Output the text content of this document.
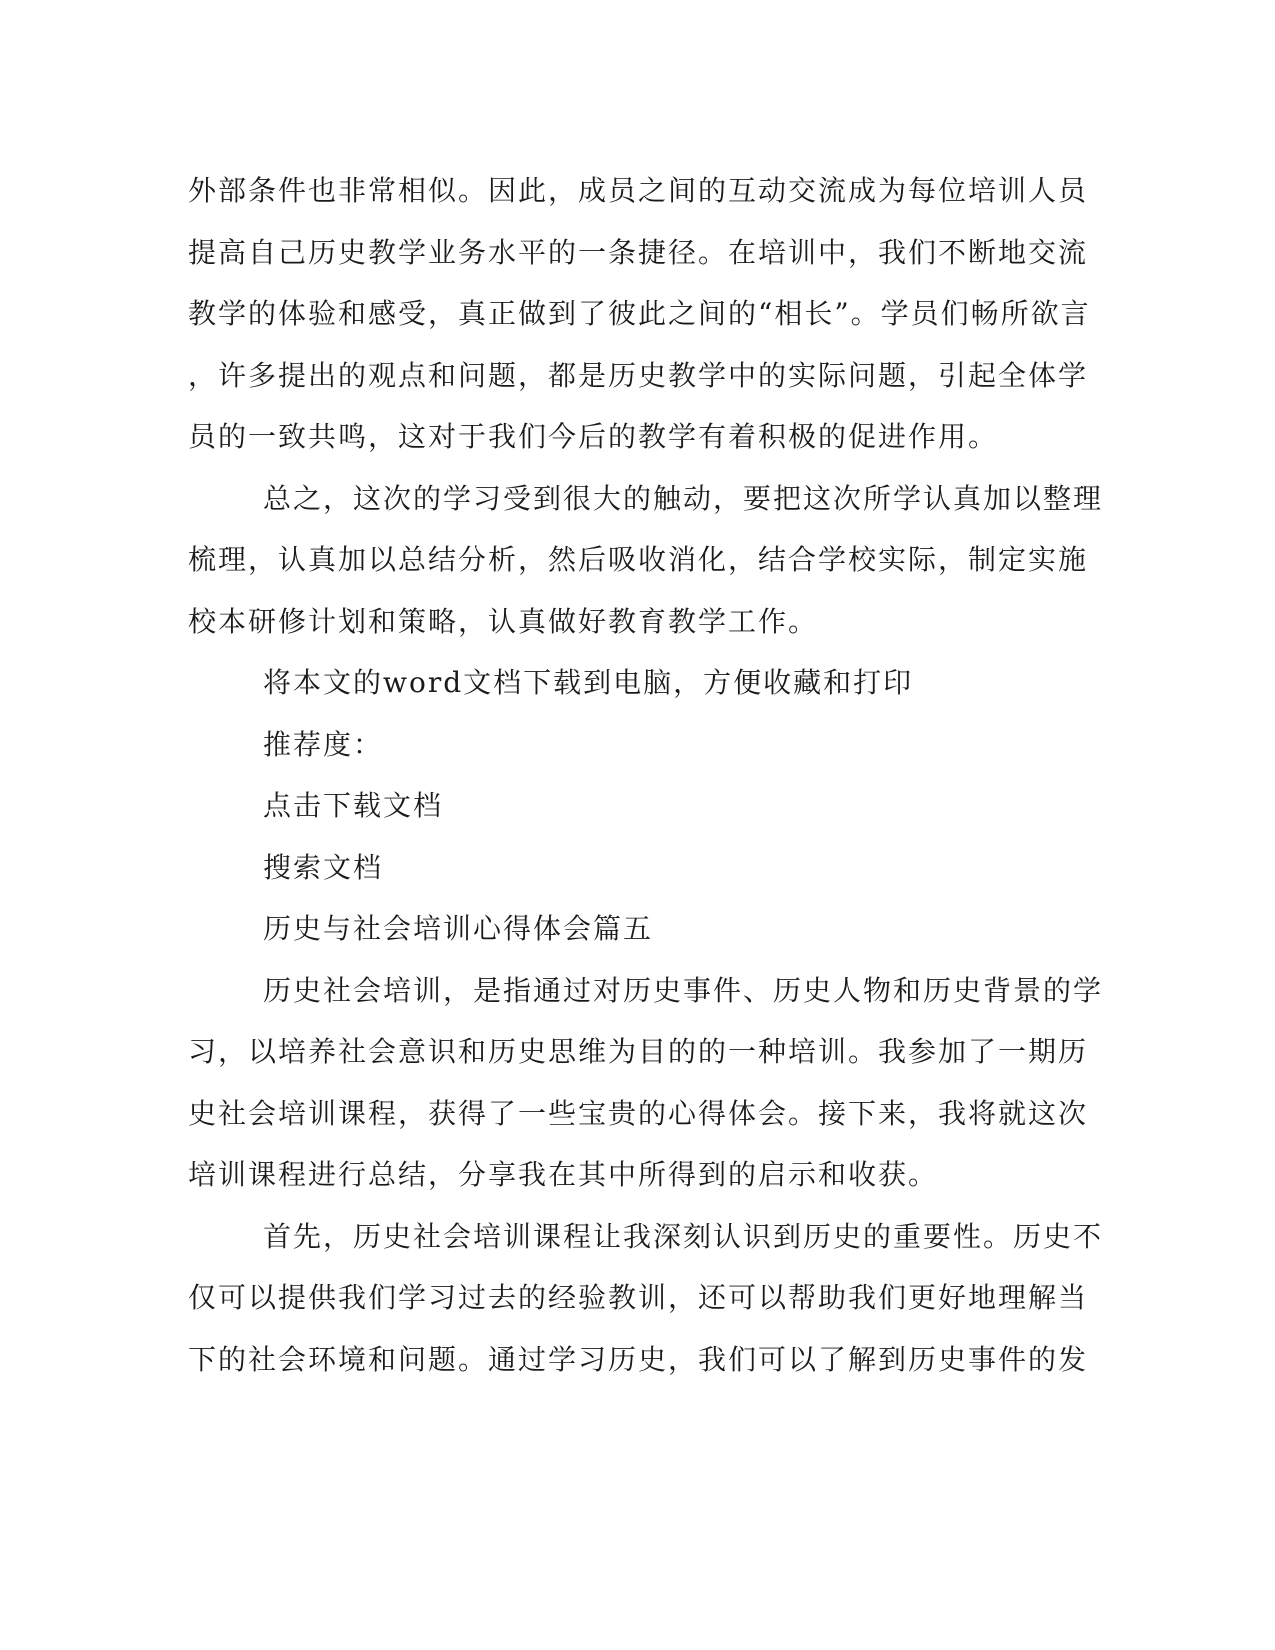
外部条件也非常相似。因此，成员之间的互动交流成为每位培训人员
提高自己历史教学业务水平的一条捷径。在培训中，我们不断地交流
教学的体验和感受，真正做到了彼此之间的“相长”。学员们畅所欲言
，许多提出的观点和问题，都是历史教学中的实际问题，引起全体学
员的一致共鸣，这对于我们今后的教学有着积极的促进作用。
总之，这次的学习受到很大的触动，要把这次所学认真加以整理
梳理，认真加以总结分析，然后吸收消化，结合学校实际，制定实施
校本研修计划和策略，认真做好教育教学工作。
将本文的word文档下载到电脑，方便收藏和打印
推荐度：
点击下载文档
搜索文档
历史与社会培训心得体会篇五
历史社会培训，是指通过对历史事件、历史人物和历史背景的学
习，以培养社会意识和历史思维为目的的一种培训。我参加了一期历
史社会培训课程，获得了一些宝贵的心得体会。接下来，我将就这次
培训课程进行总结，分享我在其中所得到的启示和收获。
首先，历史社会培训课程让我深刻认识到历史的重要性。历史不
仅可以提供我们学习过去的经验教训，还可以帮助我们更好地理解当
下的社会环境和问题。通过学习历史，我们可以了解到历史事件的发
